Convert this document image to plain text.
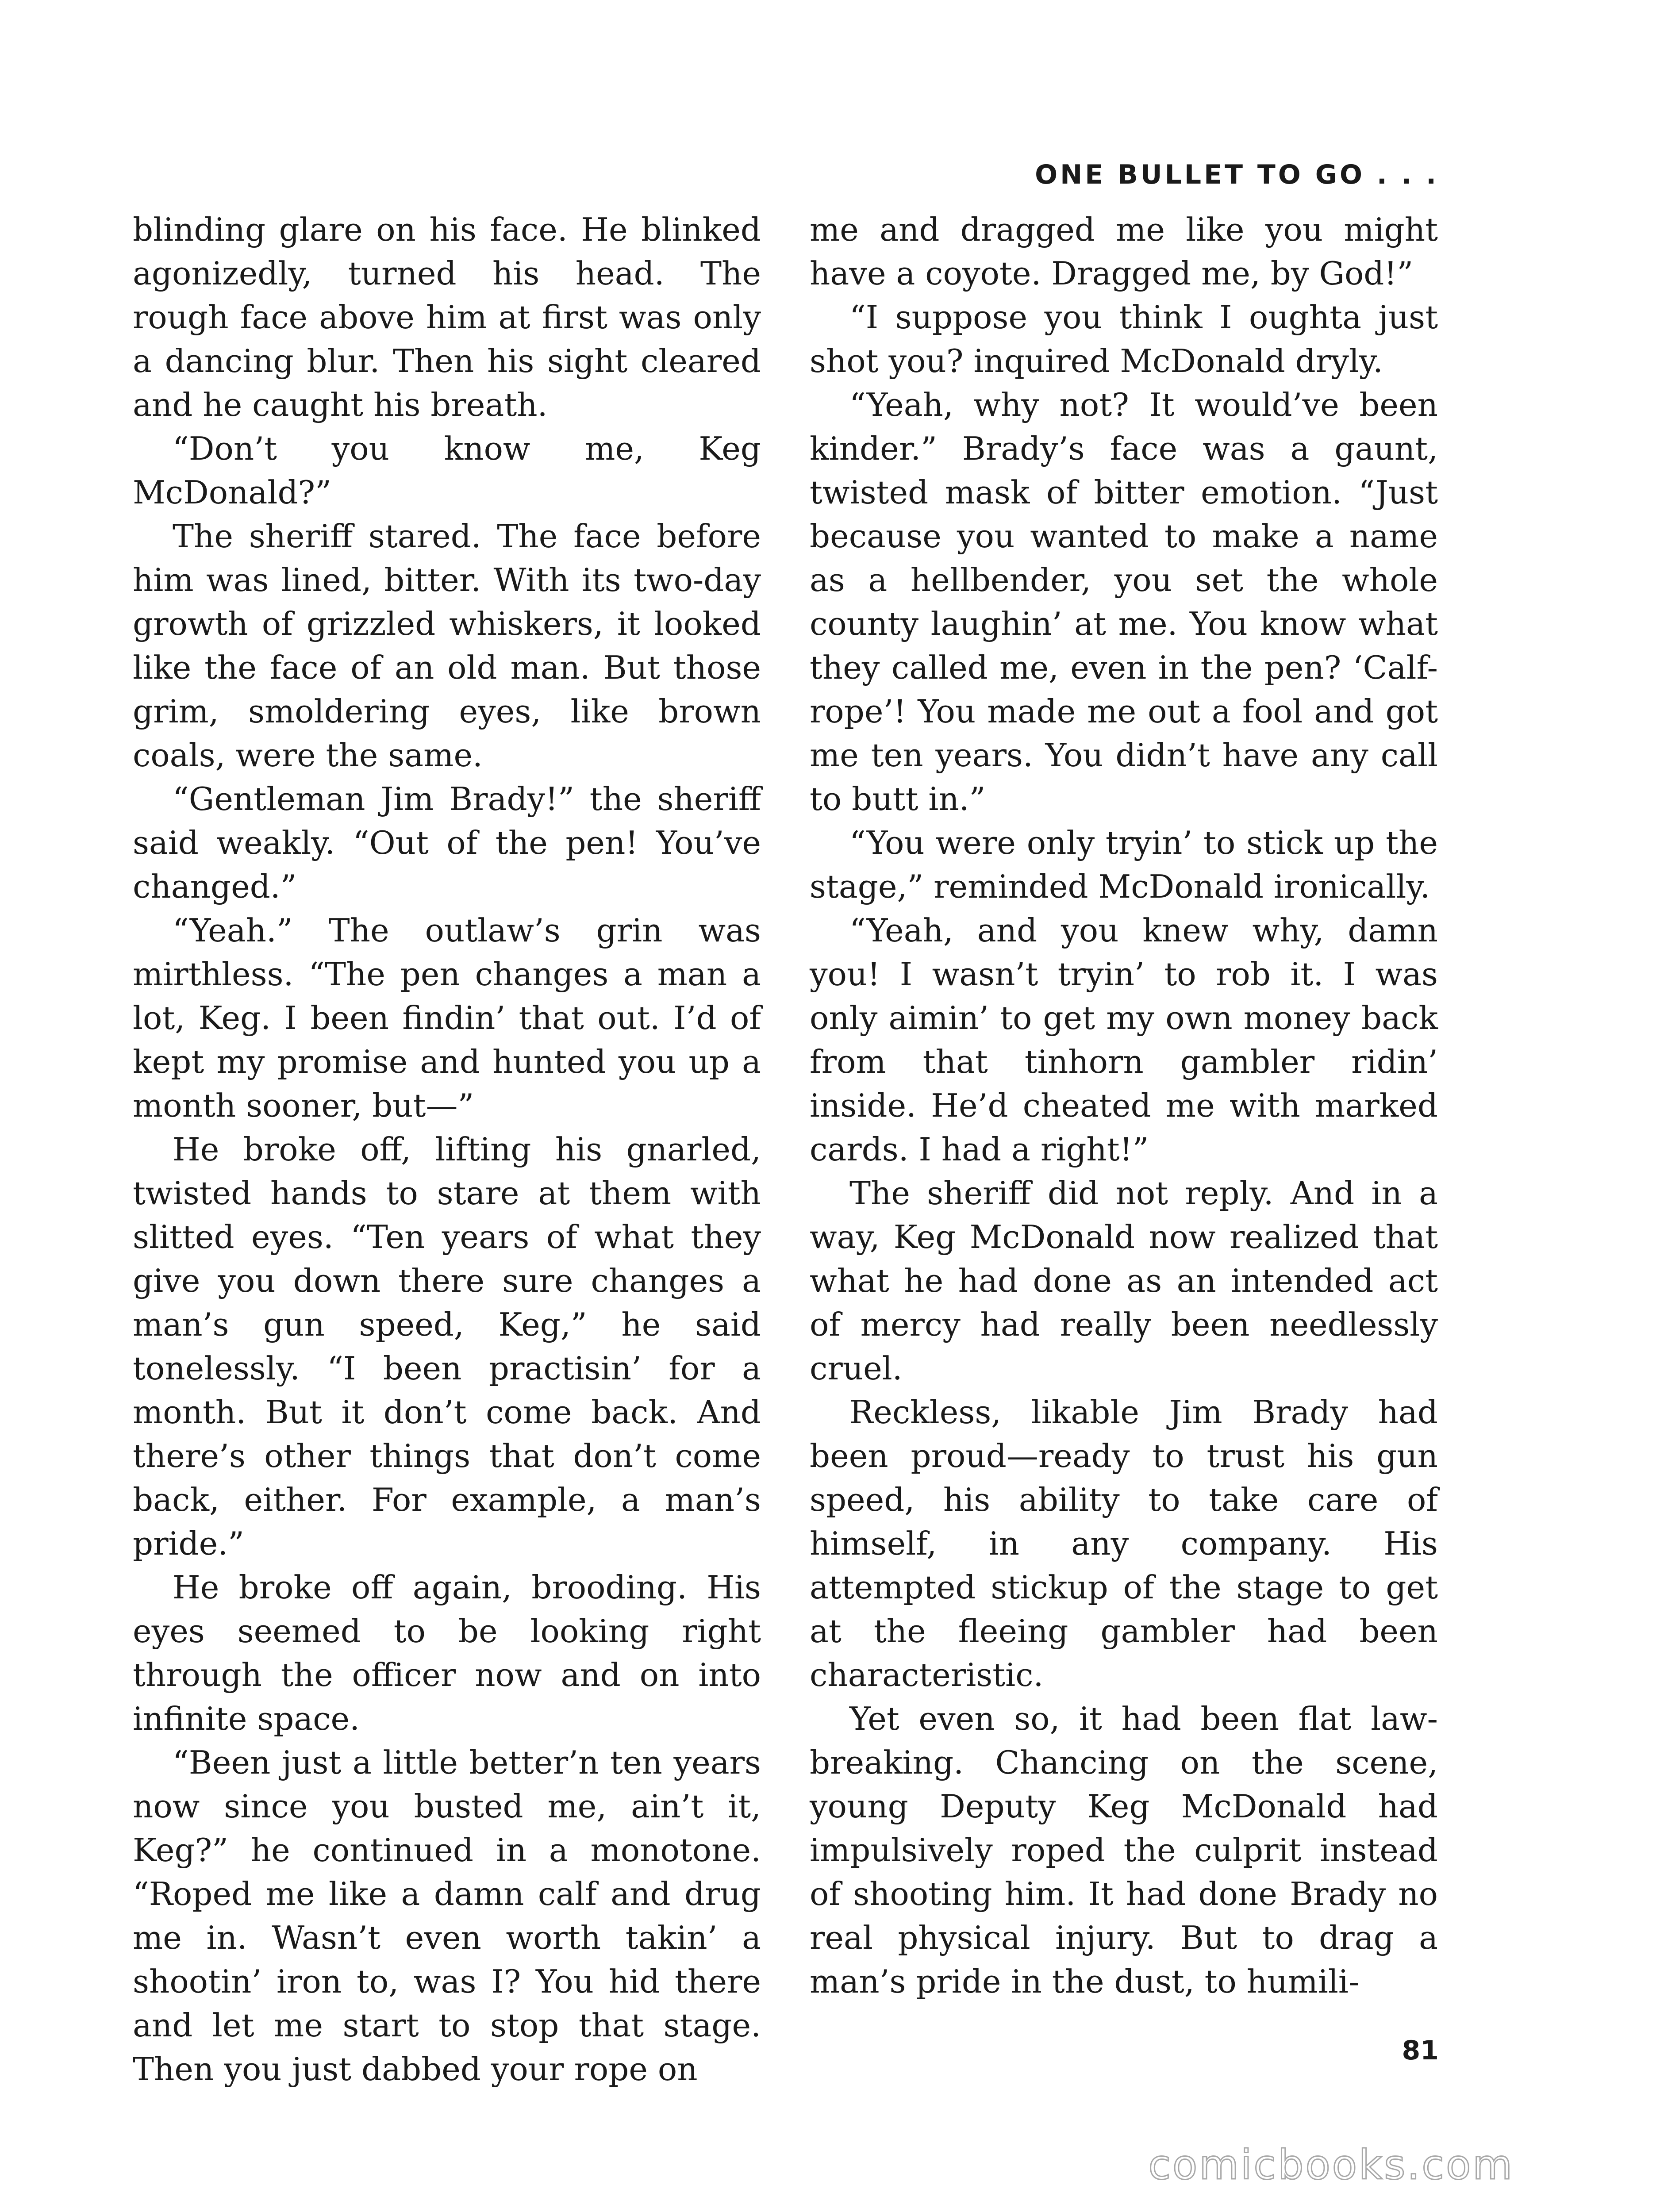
ONE BULLET TO GO . . .

blinding glare on his face. He blinked agonizedly, turned his head. The rough face above him at first was only a dancing blur. Then his sight cleared and he caught his breath.

“Don’t you know me, Keg McDonald?”

The sheriff stared. The face before him was lined, bitter. With its two-day growth of grizzled whiskers, it looked like the face of an old man. But those grim, smoldering eyes, like brown coals, were the same.

“Gentleman Jim Brady!” the sheriff said weakly. “Out of the pen! You’ve changed.”

“Yeah.” The outlaw’s grin was mirthless. “The pen changes a man a lot, Keg. I been findin’ that out. I’d of kept my promise and hunted you up a month sooner, but—”

He broke off, lifting his gnarled, twisted hands to stare at them with slitted eyes. “Ten years of what they give you down there sure changes a man’s gun speed, Keg,” he said tonelessly. “I been practisin’ for a month. But it don’t come back. And there’s other things that don’t come back, either. For example, a man’s pride.”

He broke off again, brooding. His eyes seemed to be looking right through the officer now and on into infinite space.

“Been just a little better’n ten years now since you busted me, ain’t it, Keg?” he continued in a monotone. “Roped me like a damn calf and drug me in. Wasn’t even worth takin’ a shootin’ iron to, was I? You hid there and let me start to stop that stage. Then you just dabbed your rope on

me and dragged me like you might have a coyote. Dragged me, by God!”

“I suppose you think I oughta just shot you? inquired McDonald dryly.

“Yeah, why not? It would’ve been kinder.” Brady’s face was a gaunt, twisted mask of bitter emotion. “Just because you wanted to make a name as a hellbender, you set the whole county laughin’ at me. You know what they called me, even in the pen? ‘Calf-rope’! You made me out a fool and got me ten years. You didn’t have any call to butt in.”

“You were only tryin’ to stick up the stage,” reminded McDonald ironically.

“Yeah, and you knew why, damn you! I wasn’t tryin’ to rob it. I was only aimin’ to get my own money back from that tinhorn gambler ridin’ inside. He’d cheated me with marked cards. I had a right!”

The sheriff did not reply. And in a way, Keg McDonald now realized that what he had done as an intended act of mercy had really been needlessly cruel.

Reckless, likable Jim Brady had been proud—ready to trust his gun speed, his ability to take care of himself, in any company. His attempted stickup of the stage to get at the fleeing gambler had been characteristic.

Yet even so, it had been flat law-breaking. Chancing on the scene, young Deputy Keg McDonald had impulsively roped the culprit instead of shooting him. It had done Brady no real physical injury. But to drag a man’s pride in the dust, to humili-

81
comicbooks.com
